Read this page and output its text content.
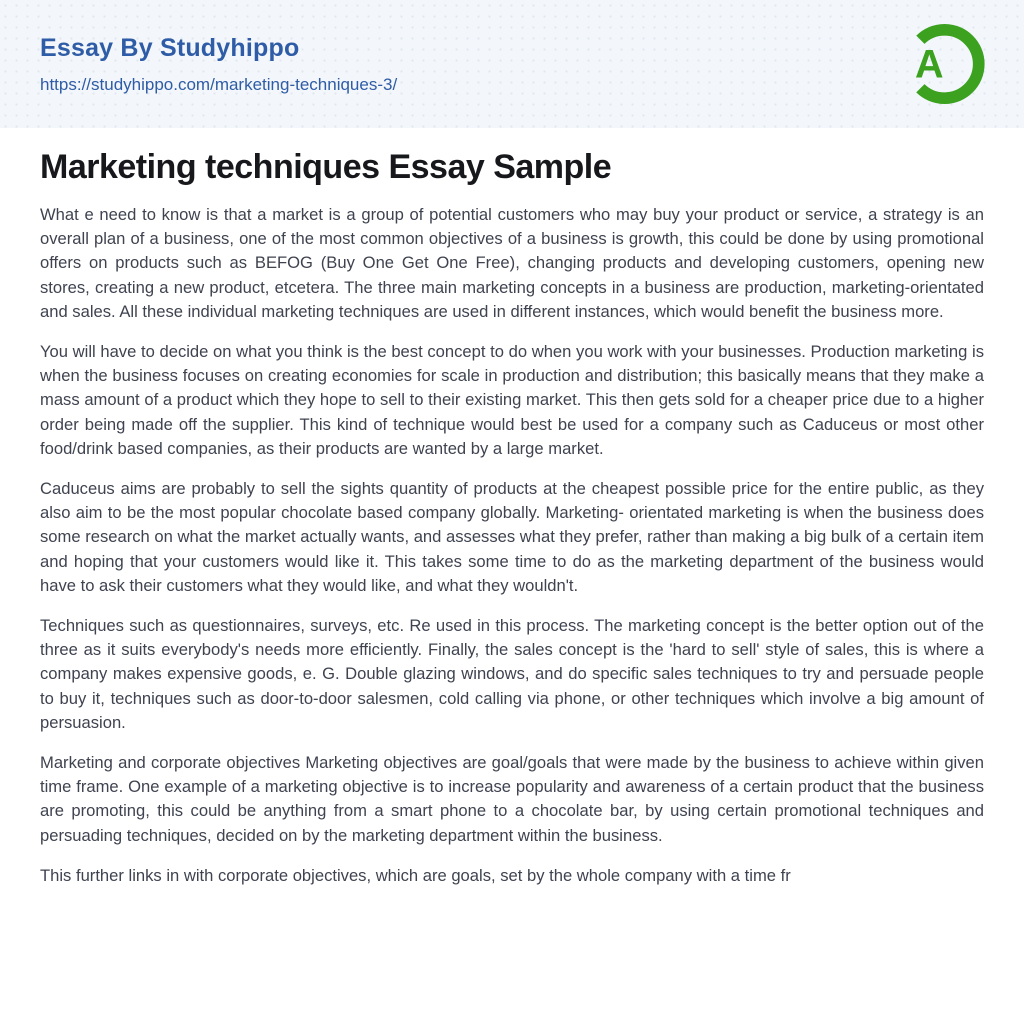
Essay By Studyhippo
https://studyhippo.com/marketing-techniques-3/	A
Marketing techniques Essay Sample

What e need to know is that a market is a group of potential customers who may buy your product or service, a strategy is an overall plan of a business, one of the most common objectives of a business is growth, this could be done by using promotional offers on products such as BEFOG (Buy One Get One Free), changing products and developing customers, opening new stores, creating a new product, etcetera. The three main marketing concepts in a business are production, marketing-orientated and sales. All these individual marketing techniques are used in different instances, which would benefit the business more.

You will have to decide on what you think is the best concept to do when you work with your businesses. Production marketing is when the business focuses on creating economies for scale in production and distribution; this basically means that they make a mass amount of a product which they hope to sell to their existing market. This then gets sold for a cheaper price due to a higher order being made off the supplier. This kind of technique would best be used for a company such as Caduceus or most other food/drink based companies, as their products are wanted by a large market.

Caduceus aims are probably to sell the sights quantity of products at the cheapest possible price for the entire public, as they also aim to be the most popular chocolate based company globally. Marketing- orientated marketing is when the business does some research on what the market actually wants, and assesses what they prefer, rather than making a big bulk of a certain item and hoping that your customers would like it. This takes some time to do as the marketing department of the business would have to ask their customers what they would like, and what they wouldn't.

Techniques such as questionnaires, surveys, etc. Re used in this process. The marketing concept is the better option out of the three as it suits everybody's needs more efficiently. Finally, the sales concept is the 'hard to sell' style of sales, this is where a company makes expensive goods, e. G. Double glazing windows, and do specific sales techniques to try and persuade people to buy it, techniques such as door-to-door salesmen, cold calling via phone, or other techniques which involve a big amount of persuasion.

Marketing and corporate objectives Marketing objectives are goal/goals that were made by the business to achieve within given time frame. One example of a marketing objective is to increase popularity and awareness of a certain product that the business are promoting, this could be anything from a smart phone to a chocolate bar, by using certain promotional techniques and persuading techniques, decided on by the marketing department within the business.

This further links in with corporate objectives, which are goals, set by the whole company with a time fr
